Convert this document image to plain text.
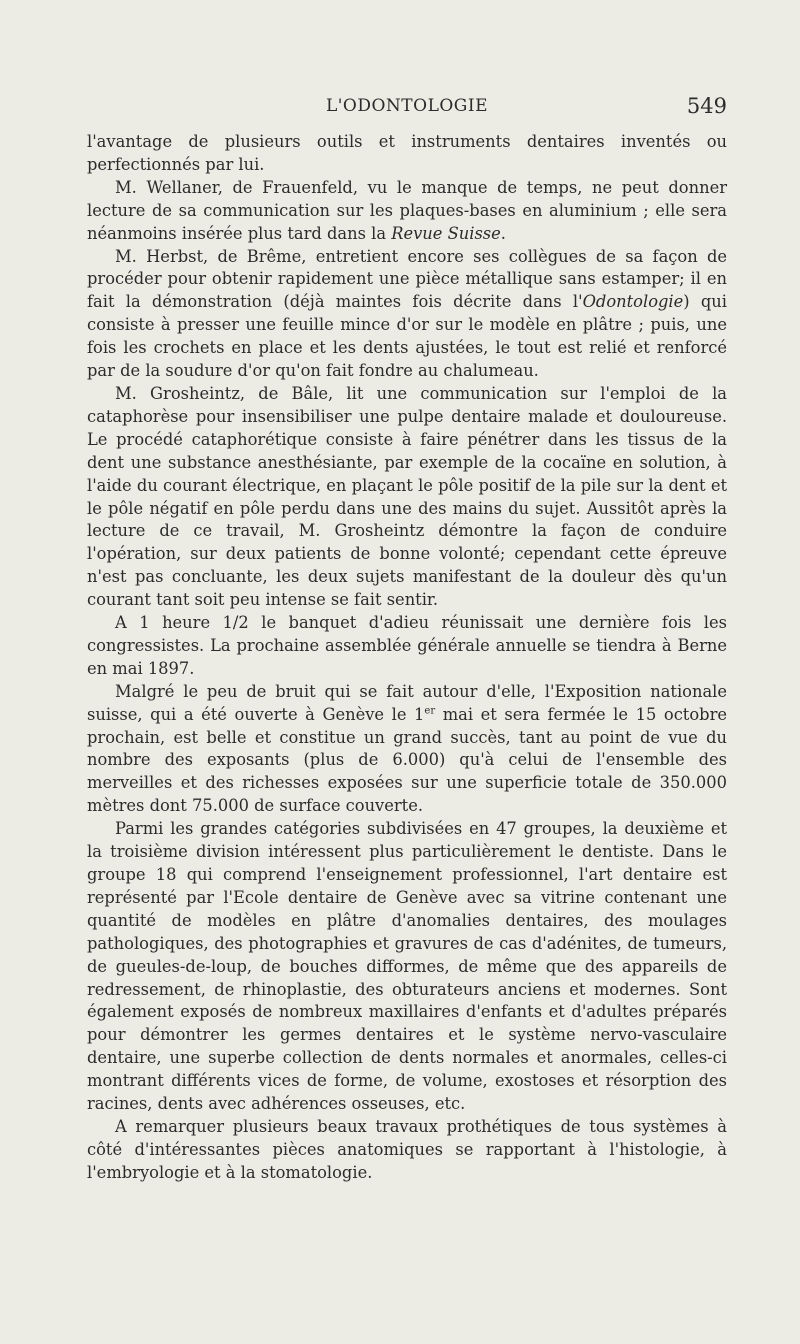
L'ODONTOLOGIE	549

l'avantage de plusieurs outils et instruments dentaires inventés ou perfectionnés par lui.

M. Wellaner, de Frauenfeld, vu le manque de temps, ne peut donner lecture de sa communication sur les plaques-bases en aluminium ; elle sera néanmoins insérée plus tard dans la Revue Suisse.

M. Herbst, de Brême, entretient encore ses collègues de sa façon de procéder pour obtenir rapidement une pièce métallique sans estamper; il en fait la démonstration (déjà maintes fois décrite dans l'Odontologie) qui consiste à presser une feuille mince d'or sur le modèle en plâtre ; puis, une fois les crochets en place et les dents ajustées, le tout est relié et renforcé par de la soudure d'or qu'on fait fondre au chalumeau.

M. Grosheintz, de Bâle, lit une communication sur l'emploi de la cataphorèse pour insensibiliser une pulpe dentaire malade et douloureuse. Le procédé cataphorétique consiste à faire pénétrer dans les tissus de la dent une substance anesthésiante, par exemple de la cocaïne en solution, à l'aide du courant électrique, en plaçant le pôle positif de la pile sur la dent et le pôle négatif en pôle perdu dans une des mains du sujet. Aussitôt après la lecture de ce travail, M. Grosheintz démontre la façon de conduire l'opération, sur deux patients de bonne volonté; cependant cette épreuve n'est pas concluante, les deux sujets manifestant de la douleur dès qu'un courant tant soit peu intense se fait sentir.

A 1 heure 1/2 le banquet d'adieu réunissait une dernière fois les congressistes. La prochaine assemblée générale annuelle se tiendra à Berne en mai 1897.

Malgré le peu de bruit qui se fait autour d'elle, l'Exposition nationale suisse, qui a été ouverte à Genève le 1er mai et sera fermée le 15 octobre prochain, est belle et constitue un grand succès, tant au point de vue du nombre des exposants (plus de 6.000) qu'à celui de l'ensemble des merveilles et des richesses exposées sur une superficie totale de 350.000 mètres dont 75.000 de surface couverte.

Parmi les grandes catégories subdivisées en 47 groupes, la deuxième et la troisième division intéressent plus particulièrement le dentiste. Dans le groupe 18 qui comprend l'enseignement professionnel, l'art dentaire est représenté par l'Ecole dentaire de Genève avec sa vitrine contenant une quantité de modèles en plâtre d'anomalies dentaires, des moulages pathologiques, des photographies et gravures de cas d'adénites, de tumeurs, de gueules-de-loup, de bouches difformes, de même que des appareils de redressement, de rhinoplastie, des obturateurs anciens et modernes. Sont également exposés de nombreux maxillaires d'enfants et d'adultes préparés pour démontrer les germes dentaires et le système nervo-vasculaire dentaire, une superbe collection de dents normales et anormales, celles-ci montrant différents vices de forme, de volume, exostoses et résorption des racines, dents avec adhérences osseuses, etc.

A remarquer plusieurs beaux travaux prothétiques de tous systèmes à côté d'intéressantes pièces anatomiques se rapportant à l'histologie, à l'embryologie et à la stomatologie.
